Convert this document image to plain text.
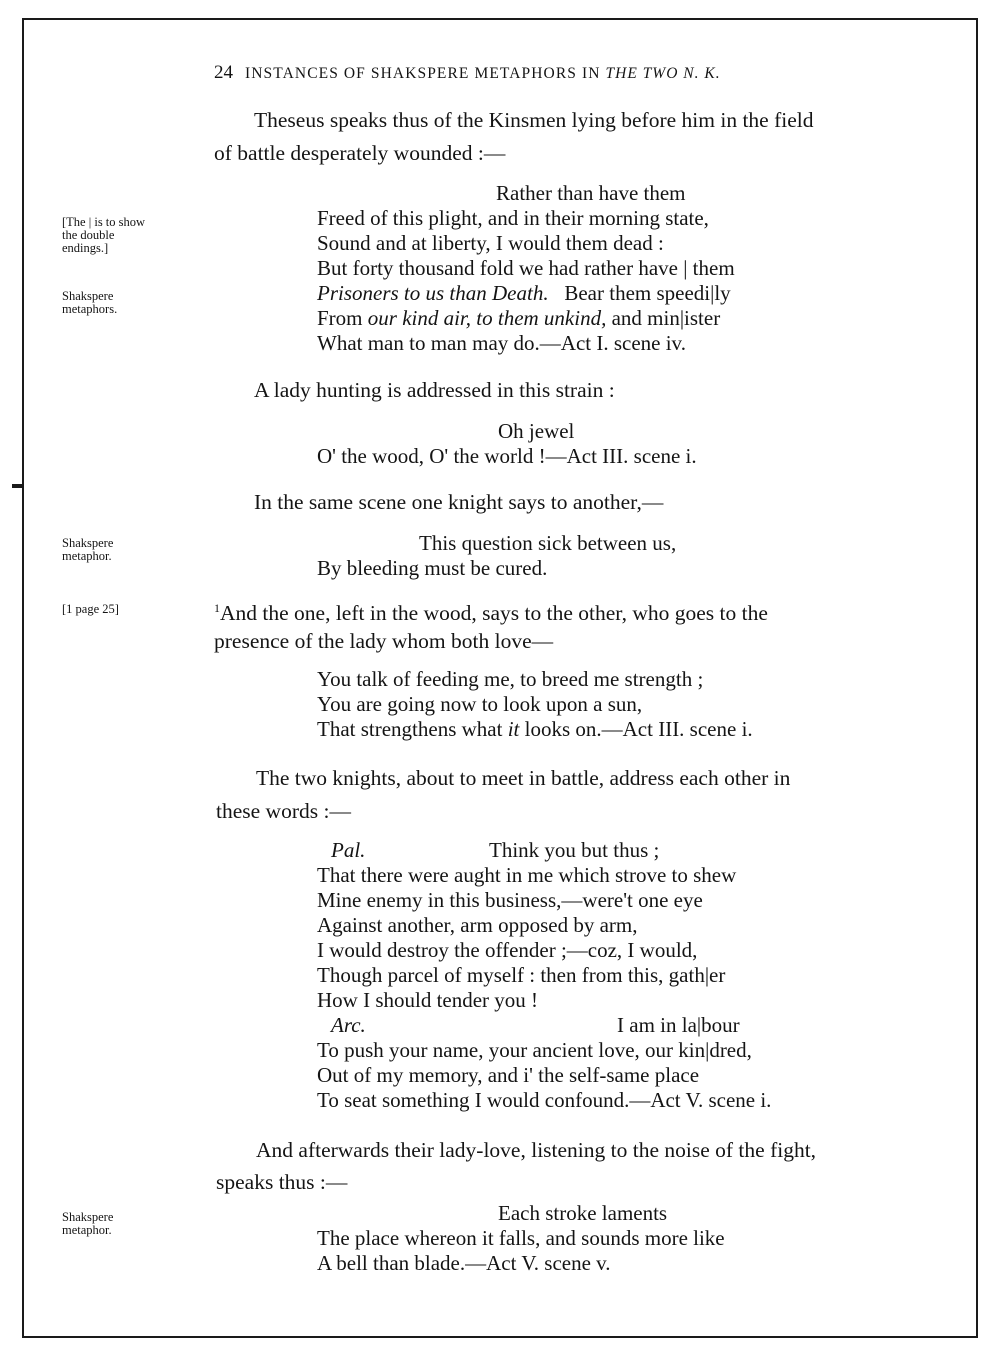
24 INSTANCES OF SHAKSPERE METAPHORS IN THE TWO N. K.
Theseus speaks thus of the Kinsmen lying before him in the field
of battle desperately wounded :—
Rather than have them
Freed of this plight, and in their morning state,
Sound and at liberty, I would them dead :
But forty thousand fold we had rather have | them
Prisoners to us than Death. Bear them speedi|ly
From our kind air, to them unkind, and min|ister
What man to man may do.—Act I. scene iv.
[The | is to show
the double
endings.]
Shakspere
metaphors.
A lady hunting is addressed in this strain :
Oh jewel
O' the wood, O' the world !—Act III. scene i.
In the same scene one knight says to another,—
This question sick between us,
By bleeding must be cured.
Shakspere
metaphor.
$^1$And the one, left in the wood, says to the other, who goes to the
presence of the lady whom both love—
[1 page 25]
You talk of feeding me, to breed me strength ;
You are going now to look upon a sun,
That strengthens what it looks on.—Act III. scene i.
The two knights, about to meet in battle, address each other in
these words :—
Pal.	Think you but thus ;
That there were aught in me which strove to shew
Mine enemy in this business,—were't one eye
Against another, arm opposed by arm,
I would destroy the offender ;—coz, I would,
Though parcel of myself : then from this, gath|er
How I should tender you !
Arc.	I am in la|bour
To push your name, your ancient love, our kin|dred,
Out of my memory, and i' the self-same place
To seat something I would confound.—Act V. scene i.
And afterwards their lady-love, listening to the noise of the fight,
speaks thus :—
Each stroke laments
The place whereon it falls, and sounds more like
A bell than blade.—Act V. scene v.
Shakspere
metaphor.
